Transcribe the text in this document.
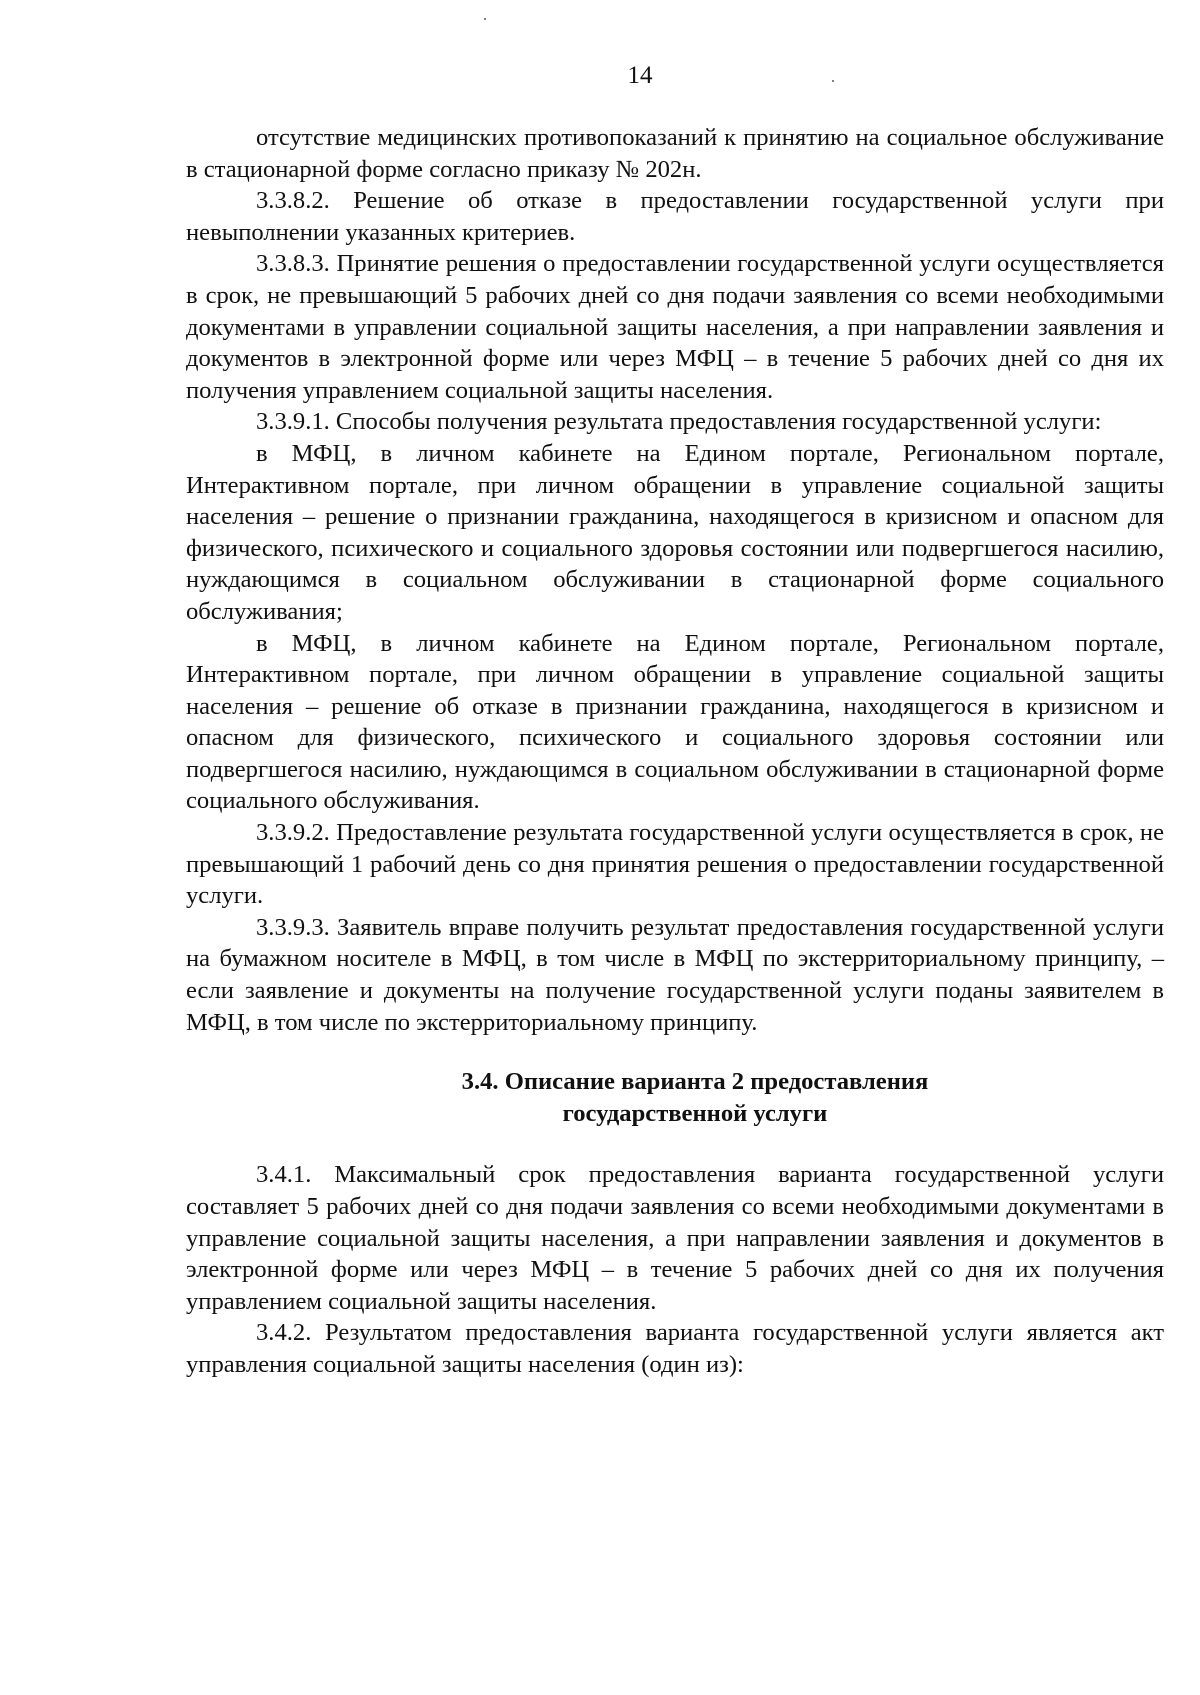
14

отсутствие медицинских противопоказаний к принятию на социальное обслуживание в стационарной форме согласно приказу № 202н.

3.3.8.2. Решение об отказе в предоставлении государственной услуги при невыполнении указанных критериев.

3.3.8.3. Принятие решения о предоставлении государственной услуги осуществляется в срок, не превышающий 5 рабочих дней со дня подачи заявления со всеми необходимыми документами в управлении социальной защиты населения, а при направлении заявления и документов в электронной форме или через МФЦ – в течение 5 рабочих дней со дня их получения управлением социальной защиты населения.

3.3.9.1. Способы получения результата предоставления государственной услуги:

в МФЦ, в личном кабинете на Едином портале, Региональном портале, Интерактивном портале, при личном обращении в управление социальной защиты населения – решение о признании гражданина, находящегося в кризисном и опасном для физического, психического и социального здоровья состоянии или подвергшегося насилию, нуждающимся в социальном обслуживании в стационарной форме социального обслуживания;

в МФЦ, в личном кабинете на Едином портале, Региональном портале, Интерактивном портале, при личном обращении в управление социальной защиты населения – решение об отказе в признании гражданина, находящегося в кризисном и опасном для физического, психического и социального здоровья состоянии или подвергшегося насилию, нуждающимся в социальном обслуживании в стационарной форме социального обслуживания.

3.3.9.2. Предоставление результата государственной услуги осуществляется в срок, не превышающий 1 рабочий день со дня принятия решения о предоставлении государственной услуги.

3.3.9.3. Заявитель вправе получить результат предоставления государственной услуги на бумажном носителе в МФЦ, в том числе в МФЦ по экстерриториальному принципу, – если заявление и документы на получение государственной услуги поданы заявителем в МФЦ, в том числе по экстерриториальному принципу.

3.4. Описание варианта 2 предоставления
государственной услуги

3.4.1. Максимальный срок предоставления варианта государственной услуги составляет 5 рабочих дней со дня подачи заявления со всеми необходимыми документами в управление социальной защиты населения, а при направлении заявления и документов в электронной форме или через МФЦ – в течение 5 рабочих дней со дня их получения управлением социальной защиты населения.

3.4.2. Результатом предоставления варианта государственной услуги является акт управления социальной защиты населения (один из):
